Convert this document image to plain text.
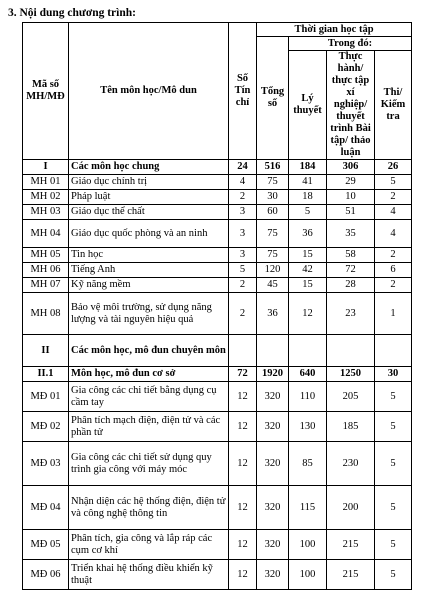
3. Nội dung chương trình:
Mã số MH/MĐ	Tên môn học/Mô dun	Số Tín chỉ	Thời gian học tập			
			Tổng số	Trong đó:		
				Lý thuyết	Thực hành/ thực tập xí nghiệp/ thuyết trình Bài tập/ thảo luận	Thi/ Kiểm tra
I	Các môn học chung	24	516	184	306	26
MH 01	Giáo dục chính trị	4	75	41	29	5
MH 02	Pháp luật	2	30	18	10	2
MH 03	Giáo dục thể chất	3	60	5	51	4
MH 04	Giáo dục quốc phòng và an ninh	3	75	36	35	4
MH 05	Tin học	3	75	15	58	2
MH 06	Tiếng Anh	5	120	42	72	6
MH 07	Kỹ năng mềm	2	45	15	28	2
MH 08	Bảo vệ môi trường, sử dụng năng lượng và tài nguyên hiệu quả	2	36	12	23	1
II	Các môn học, mô đun chuyên môn					
II.1	Môn học, mô đun cơ sở	72	1920	640	1250	30
MĐ 01	Gia công các chi tiết bằng dụng cụ cầm tay	12	320	110	205	5
MĐ 02	Phân tích mạch điện, điện tử và các phần tử	12	320	130	185	5
MĐ 03	Gia công các chi tiết sử dụng quy trình gia công với máy móc	12	320	85	230	5
MĐ 04	Nhận diện các hệ thống điện, điện tử và công nghệ thông tin	12	320	115	200	5
MĐ 05	Phân tích, gia công và lắp ráp các cụm cơ khí	12	320	100	215	5
MĐ 06	Triển khai hệ thống điều khiển kỹ thuật	12	320	100	215	5
